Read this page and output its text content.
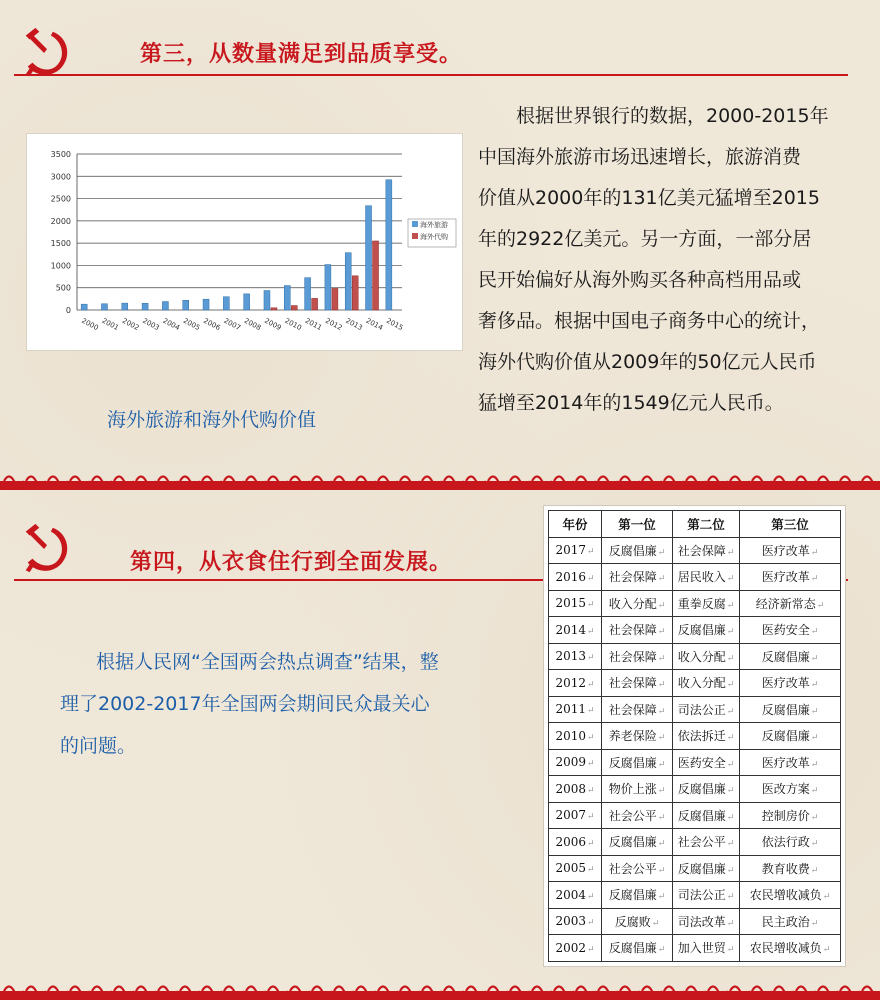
第三，从数量满足到品质享受。
3500
3000
2500
2000
1500
1000
500
0
2000 2001 2002 2003 2004 2005 2006 2007 2008 2009 2010 2011 2012 2013 2014 2015
海外旅游
海外代购
海外旅游和海外代购价值
根据世界银行的数据，2000-2015年
中国海外旅游市场迅速增长，旅游消费
价值从2000年的131亿美元猛增至2015
年的2922亿美元。另一方面，一部分居
民开始偏好从海外购买各种高档用品或
奢侈品。根据中国电子商务中心的统计，
海外代购价值从2009年的50亿元人民币
猛增至2014年的1549亿元人民币。
第四，从衣食住行到全面发展。
根据人民网“全国两会热点调查”结果，整
理了2002-2017年全国两会期间民众最关心
的问题。
年份	第一位	第二位	第三位
2017↵	反腐倡廉↵	社会保障↵	医疗改革↵
2016↵	社会保障↵	居民收入↵	医疗改革↵
2015↵	收入分配↵	重拳反腐↵	经济新常态↵
2014↵	社会保障↵	反腐倡廉↵	医药安全↵
2013↵	社会保障↵	收入分配↵	反腐倡廉↵
2012↵	社会保障↵	收入分配↵	医疗改革↵
2011↵	社会保障↵	司法公正↵	反腐倡廉↵
2010↵	养老保险↵	依法拆迁↵	反腐倡廉↵
2009↵	反腐倡廉↵	医药安全↵	医疗改革↵
2008↵	物价上涨↵	反腐倡廉↵	医改方案↵
2007↵	社会公平↵	反腐倡廉↵	控制房价↵
2006↵	反腐倡廉↵	社会公平↵	依法行政↵
2005↵	社会公平↵	反腐倡廉↵	教育收费↵
2004↵	反腐倡廉↵	司法公正↵	农民增收减负↵
2003↵	反腐败↵	司法改革↵	民主政治↵
2002↵	反腐倡廉↵	加入世贸↵	农民增收减负↵
